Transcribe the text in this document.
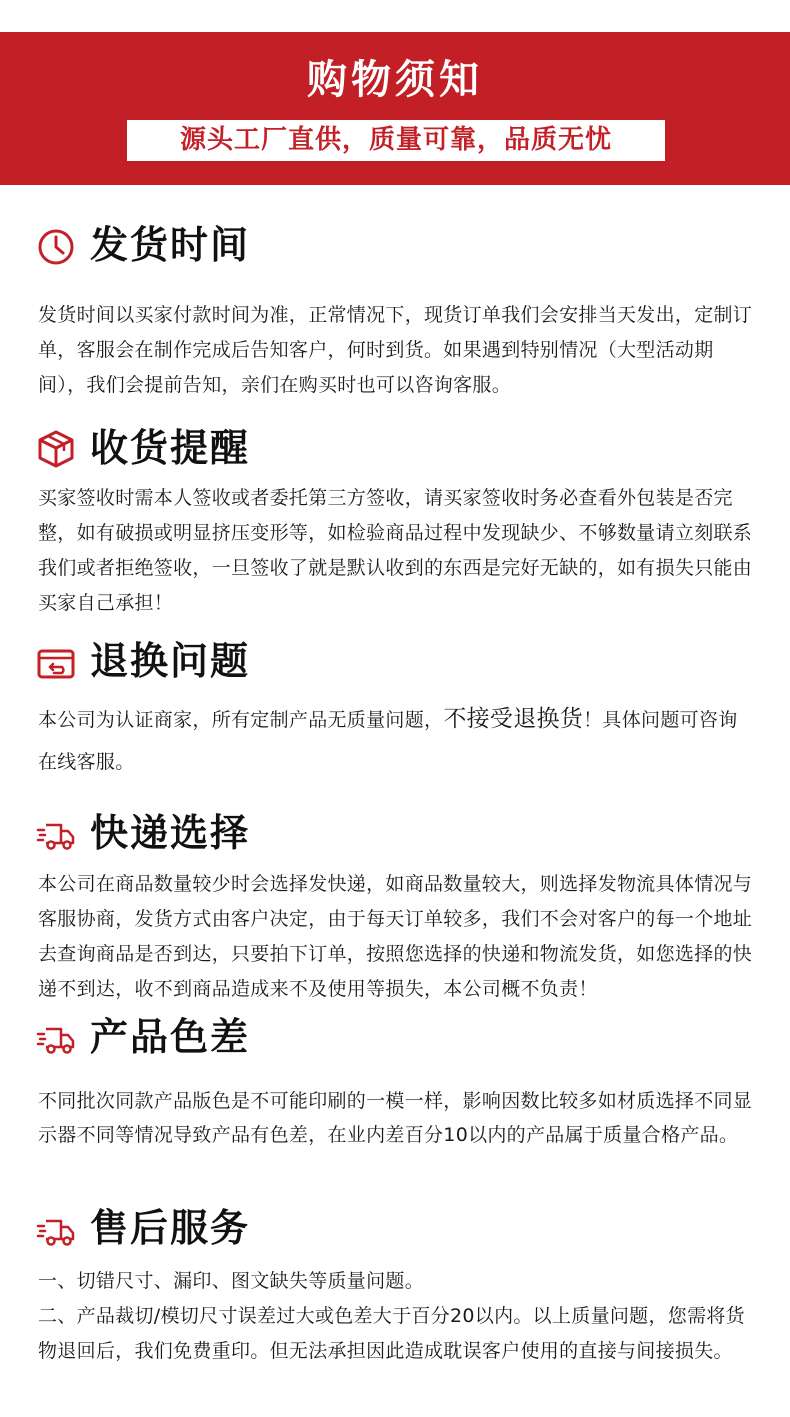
购物须知
源头工厂直供，质量可靠，品质无忧
发货时间

发货时间以买家付款时间为准，正常情况下，现货订单我们会安排当天发出，定制订单，客服会在制作完成后告知客户，何时到货。如果遇到特别情况（大型活动期间），我们会提前告知，亲们在购买时也可以咨询客服。

收货提醒

买家签收时需本人签收或者委托第三方签收，请买家签收时务必查看外包装是否完整，如有破损或明显挤压变形等，如检验商品过程中发现缺少、不够数量请立刻联系我们或者拒绝签收，一旦签收了就是默认收到的东西是完好无缺的，如有损失只能由买家自己承担！

退换问题

本公司为认证商家，所有定制产品无质量问题，不接受退换货！具体问题可咨询在线客服。

快递选择

本公司在商品数量较少时会选择发快递，如商品数量较大，则选择发物流具体情况与客服协商，发货方式由客户决定，由于每天订单较多，我们不会对客户的每一个地址去查询商品是否到达，只要拍下订单，按照您选择的快递和物流发货，如您选择的快递不到达，收不到商品造成来不及使用等损失，本公司概不负责！

产品色差

不同批次同款产品版色是不可能印刷的一模一样，影响因数比较多如材质选择不同显示器不同等情况导致产品有色差，在业内差百分10以内的产品属于质量合格产品。

售后服务

一、切错尺寸、漏印、图文缺失等质量问题。

二、产品裁切/模切尺寸误差过大或色差大于百分20以内。以上质量问题，您需将货物退回后，我们免费重印。但无法承担因此造成耽误客户使用的直接与间接损失。
